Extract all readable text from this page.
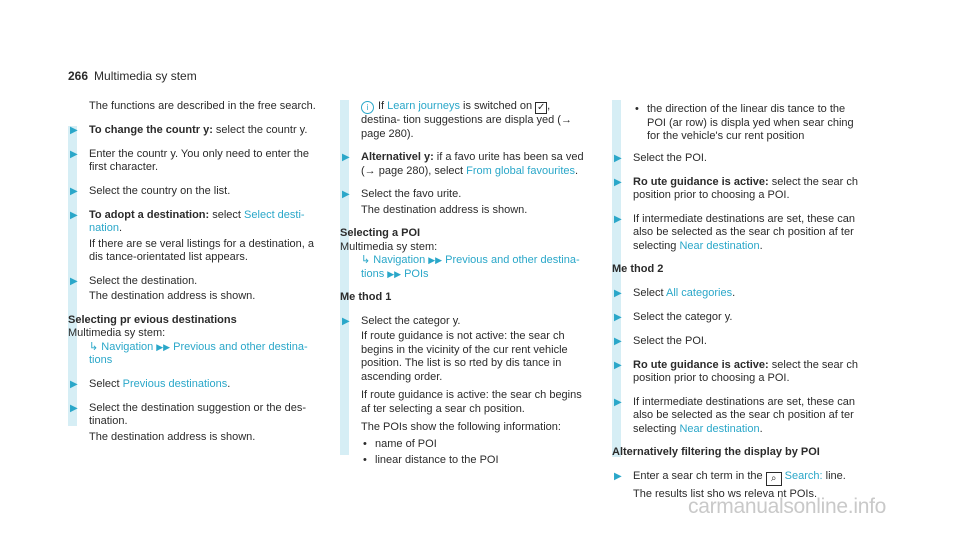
266 Multimedia sy stem

The functions are described in the free search.

▶ To change the countr y: select the countr y.
▶ Enter the countr y. You only need to enter the first character.
▶ Select the country on the list.
▶ To adopt a destination: select Select desti- nation.
If there are se veral listings for a destination, a dis tance-orientated list appears.
▶ Select the destination.
The destination address is shown.
Selecting pr evious destinations
Multimedia sy stem:
↳ Navigation ▶▶ Previous and other destina- tions
▶ Select Previous destinations.
▶ Select the destination suggestion or the des- tination.
The destination address is shown.

i If Learn journeys is switched on ✓ , destina- tion suggestions are displa yed (→ page 280).

▶ Alternativel y: if a favo urite has been sa ved (→ page 280), select From global favourites.
▶ Select the favo urite.
The destination address is shown.
Selecting a POI
Multimedia sy stem:
↳ Navigation ▶▶ Previous and other destina- tions ▶▶ POIs
Me thod 1
▶ Select the categor y.
If route guidance is not active: the sear ch begins in the vicinity of the cur rent vehicle position. The list is so rted by dis tance in ascending order.
If route guidance is active: the sear ch begins af ter selecting a sear ch position.
The POIs show the following information:
• name of POI
• linear distance to the POI
• the direction of the linear dis tance to the POI (ar row) is displa yed when sear ching for the vehicle's cur rent position
▶ Select the POI.
▶ Ro ute guidance is active: select the sear ch position prior to choosing a POI.
▶ If intermediate destinations are set, these can also be selected as the sear ch position af ter selecting Near destination.
Me thod 2
▶ Select All categories.
▶ Select the categor y.
▶ Select the POI.
▶ Ro ute guidance is active: select the sear ch position prior to choosing a POI.
▶ If intermediate destinations are set, these can also be selected as the sear ch position af ter selecting Near destination.
Alternatively filtering the display by POI
▶ Enter a sear ch term in the ⌕ Search: line.
The results list sho ws releva nt POIs.
carmanualsonline.info
